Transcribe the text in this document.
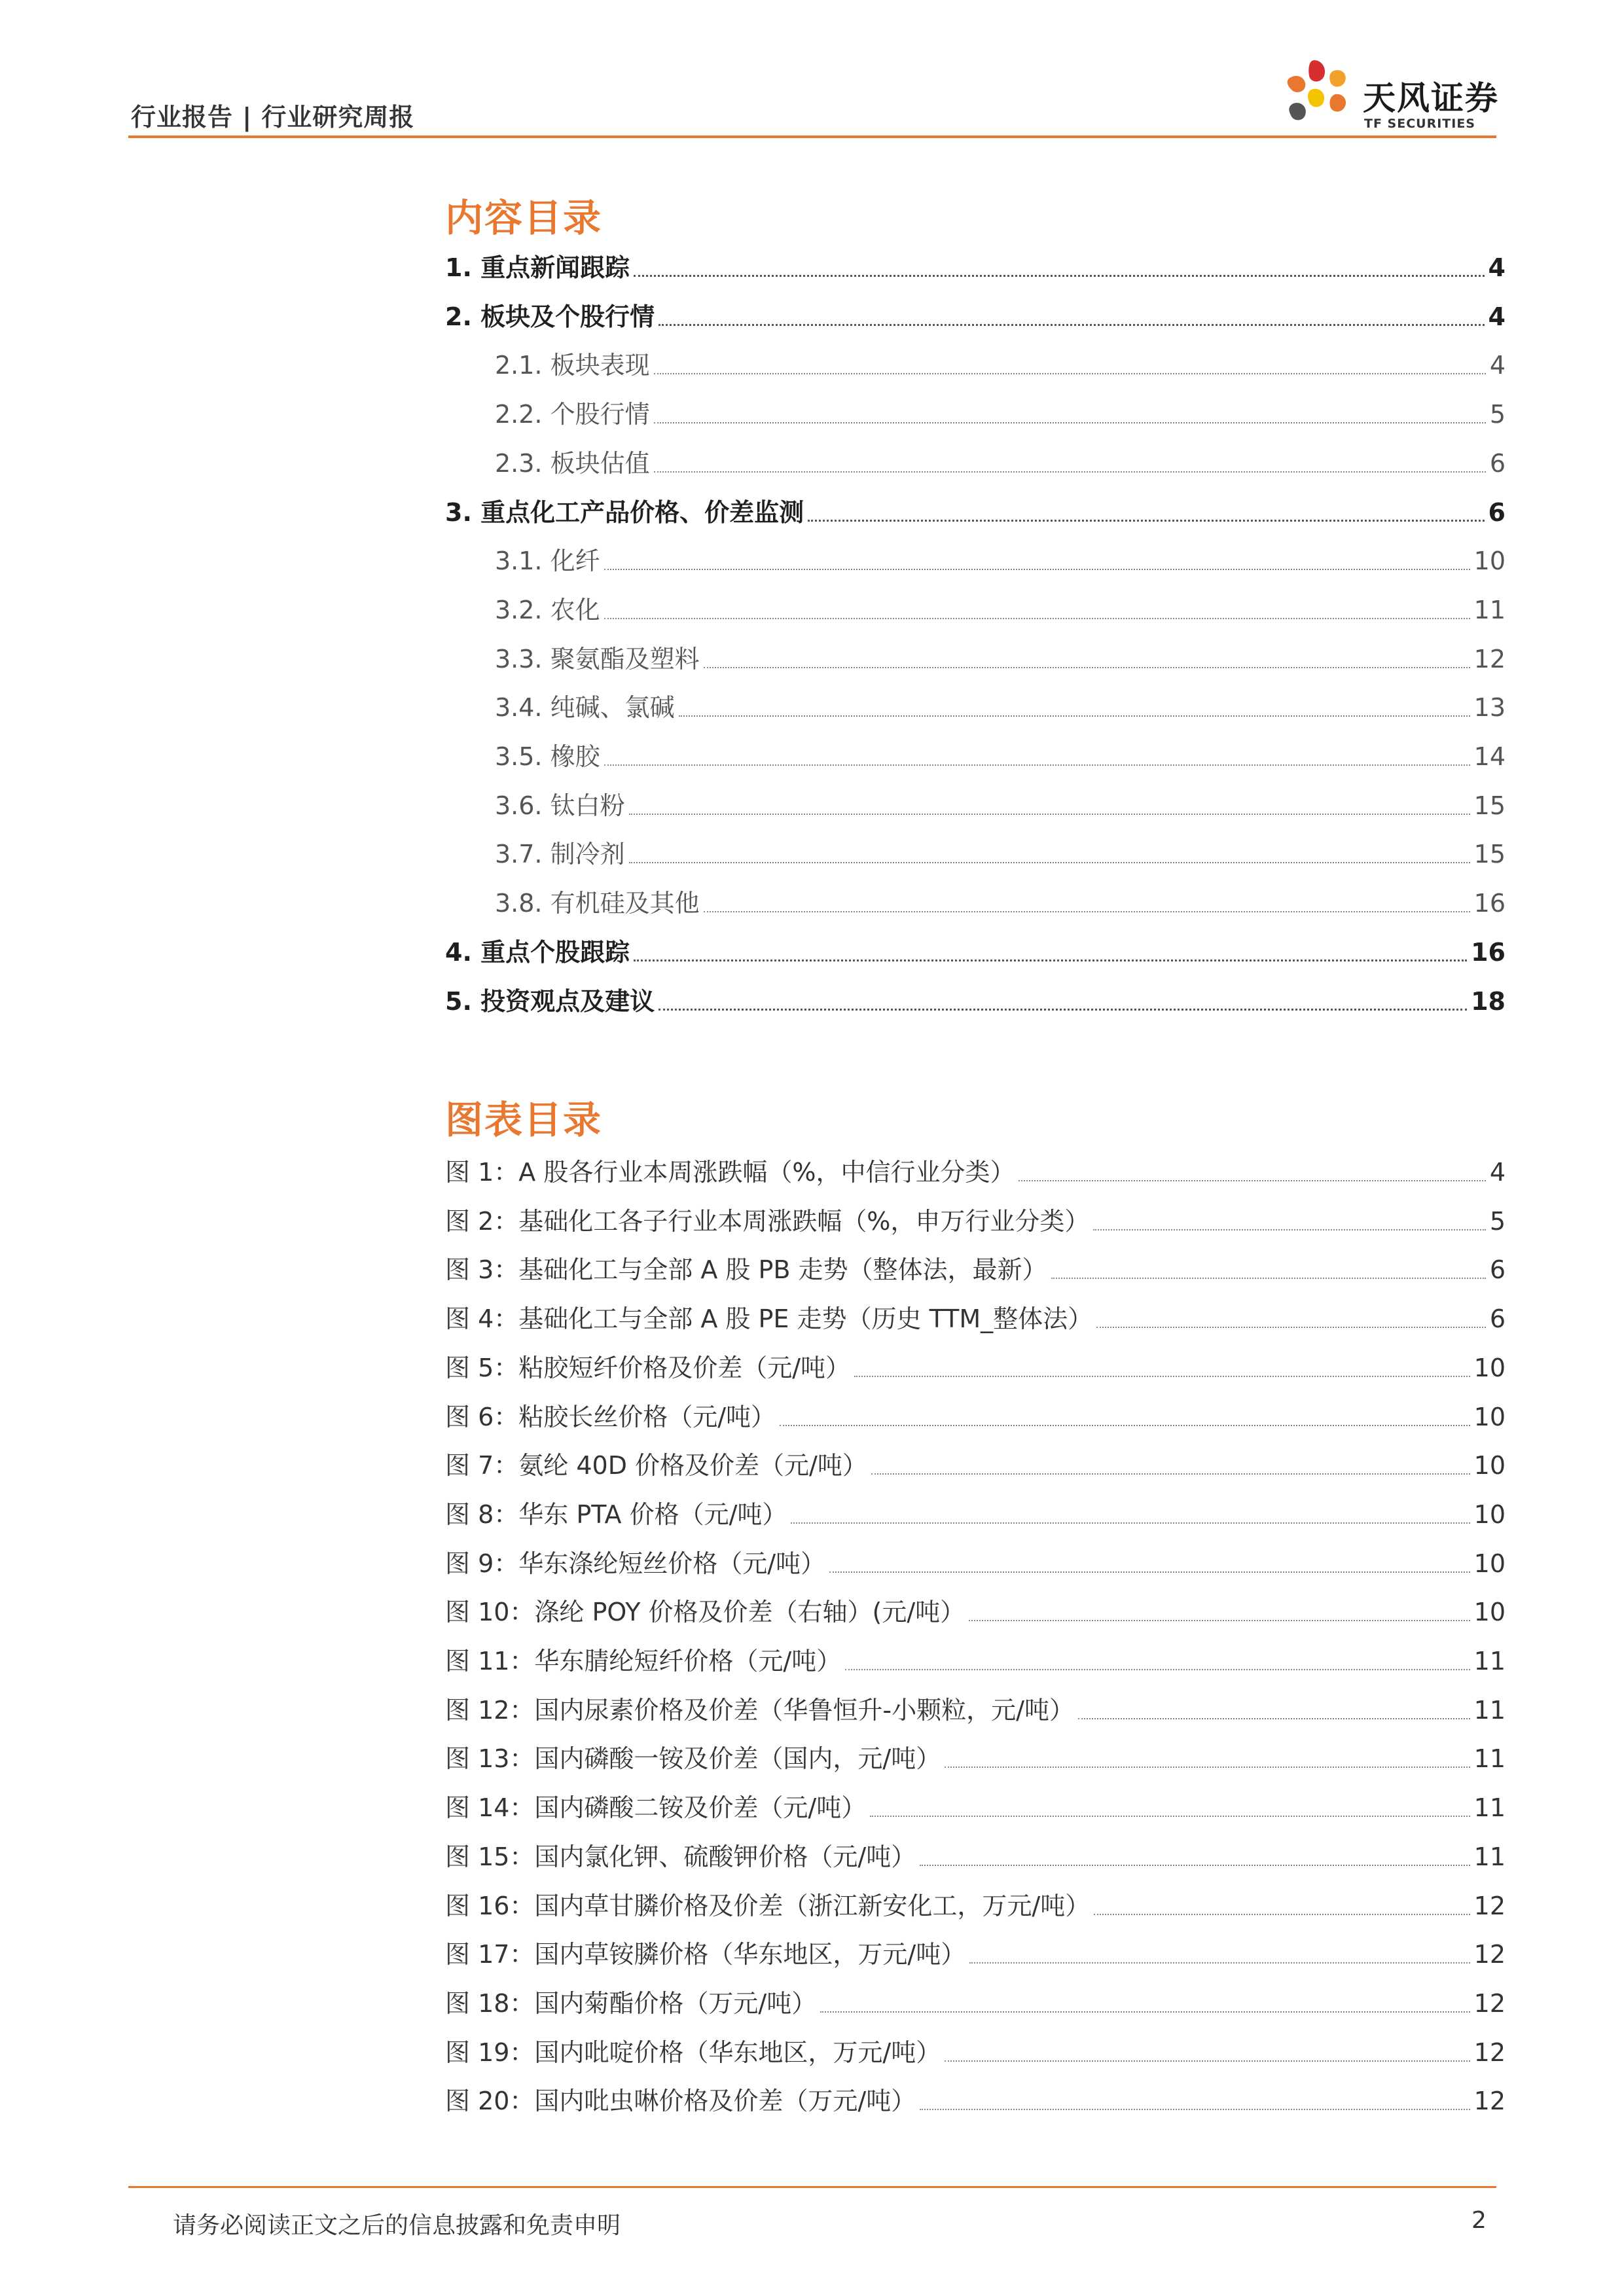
行业报告 | 行业研究周报	天风证券
TF SECURITIES
内容目录
1. 重点新闻跟踪	4
2. 板块及个股行情	4
2.1. 板块表现	4
2.2. 个股行情	5
2.3. 板块估值	6
3. 重点化工产品价格、价差监测	6
3.1. 化纤	10
3.2. 农化	11
3.3. 聚氨酯及塑料	12
3.4. 纯碱、氯碱	13
3.5. 橡胶	14
3.6. 钛白粉	15
3.7. 制冷剂	15
3.8. 有机硅及其他	16
4. 重点个股跟踪	16
5. 投资观点及建议	18
图表目录
图 1：A 股各行业本周涨跌幅（%，中信行业分类）	4
图 2：基础化工各子行业本周涨跌幅（%，申万行业分类）	5
图 3：基础化工与全部 A 股 PB 走势（整体法，最新）	6
图 4：基础化工与全部 A 股 PE 走势（历史 TTM_整体法）	6
图 5：粘胶短纤价格及价差（元/吨）	10
图 6：粘胶长丝价格（元/吨）	10
图 7：氨纶 40D 价格及价差（元/吨）	10
图 8：华东 PTA 价格（元/吨）	10
图 9：华东涤纶短丝价格（元/吨）	10
图 10：涤纶 POY 价格及价差（右轴）(元/吨）	10
图 11：华东腈纶短纤价格（元/吨）	11
图 12：国内尿素价格及价差（华鲁恒升-小颗粒，元/吨）	11
图 13：国内磷酸一铵及价差（国内，元/吨）	11
图 14：国内磷酸二铵及价差（元/吨）	11
图 15：国内氯化钾、硫酸钾价格（元/吨）	11
图 16：国内草甘膦价格及价差（浙江新安化工，万元/吨）	12
图 17：国内草铵膦价格（华东地区，万元/吨）	12
图 18：国内菊酯价格（万元/吨）	12
图 19：国内吡啶价格（华东地区，万元/吨）	12
图 20：国内吡虫啉价格及价差（万元/吨）	12
请务必阅读正文之后的信息披露和免责申明	2
